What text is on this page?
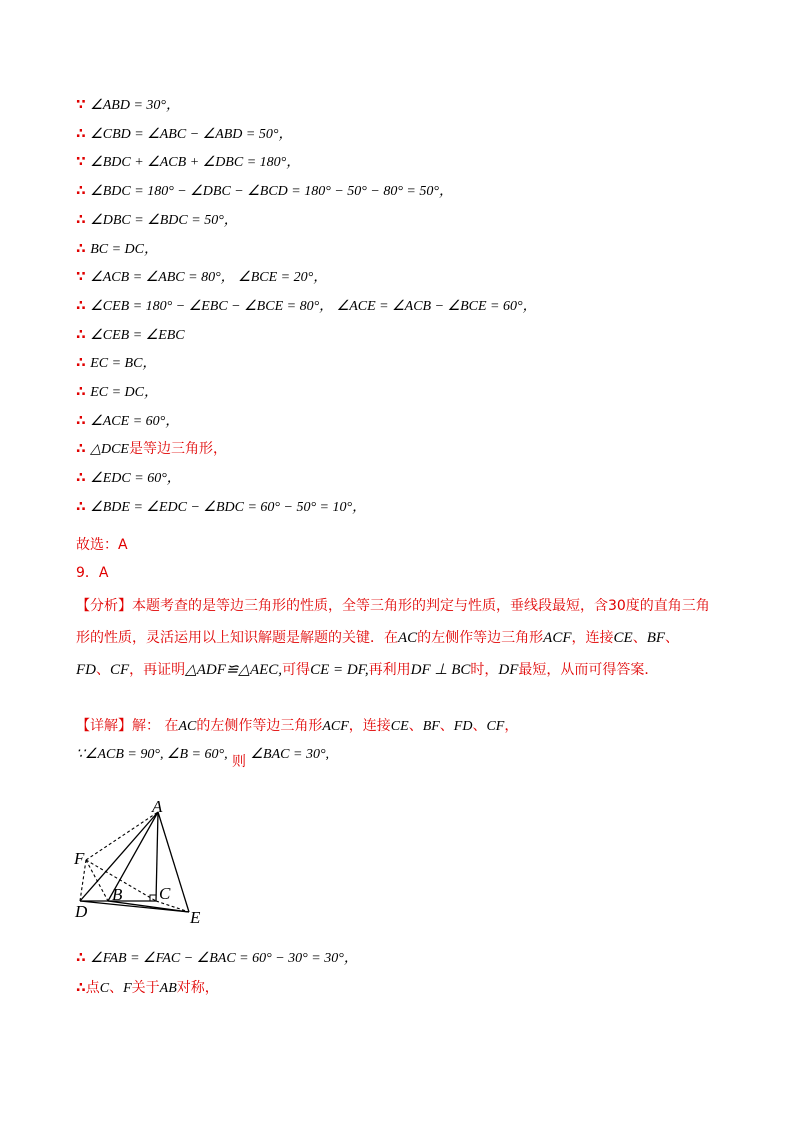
∵ ∠ABD = 30°，
∴ ∠CBD = ∠ABC − ∠ABD = 50°，
∵ ∠BDC + ∠ACB + ∠DBC = 180°，
∴ ∠BDC = 180° − ∠DBC − ∠BCD = 180° − 50° − 80° = 50°，
∴ ∠DBC = ∠BDC = 50°，
∴ BC = DC，
∵ ∠ACB = ∠ABC = 80°， ∠BCE = 20°，
∴ ∠CEB = 180° − ∠EBC − ∠BCE = 80°， ∠ACE = ∠ACB − ∠BCE = 60°，
∴ ∠CEB = ∠EBC
∴ EC = BC，
∴ EC = DC，
∴ ∠ACE = 60°，
∴ △DCE是等边三角形，
∴ ∠EDC = 60°，
∴ ∠BDE = ∠EDC − ∠BDC = 60° − 50° = 10°，
故选：A
9．A
【分析】本题考查的是等边三角形的性质，全等三角形的判定与性质，垂线段最短，含30度的直角三角形的性质，灵活运用以上知识解题是解题的关键．在AC的左侧作等边三角形ACF，连接CE、BF、
FD、CF，再证明△ADF≌△AEC,可得CE = DF,再利用DF ⊥ BC时，DF最短，从而可得答案．
【详解】解： 在AC的左侧作等边三角形ACF，连接CE、BF、FD、CF，
∵∠ACB = 90°, ∠B = 60°, 则 ∠BAC = 30°,
A
F
B C
D	E
∴ ∠FAB = ∠FAC − ∠BAC = 60° − 30° = 30°，
∴点C、F关于AB对称，
